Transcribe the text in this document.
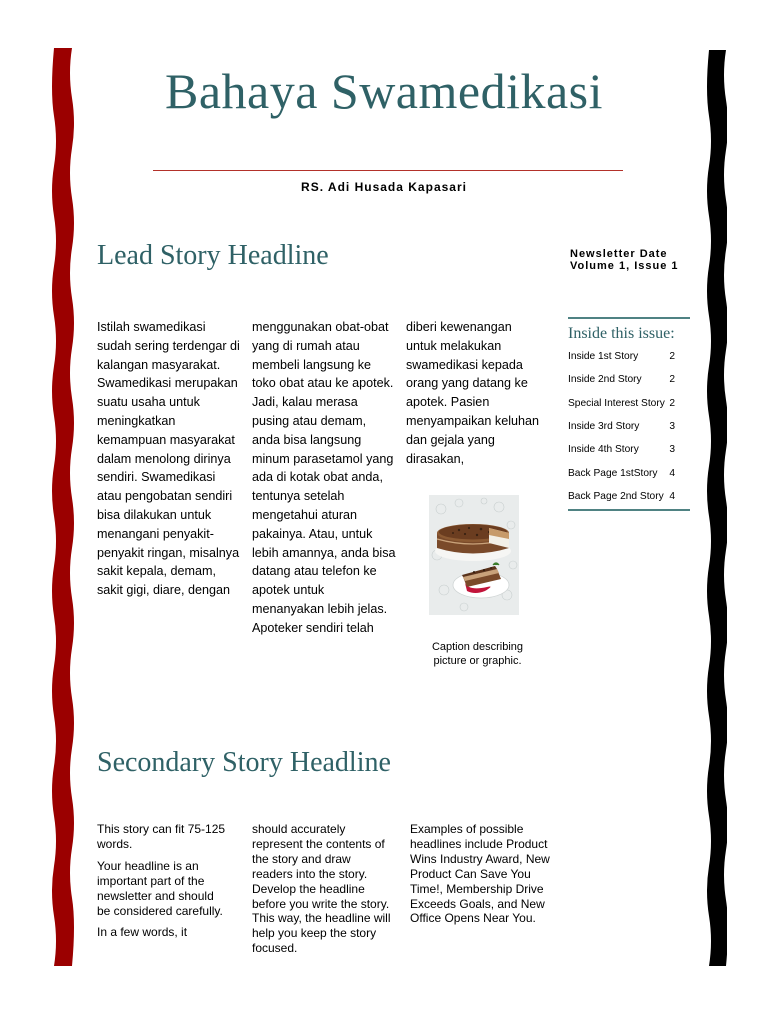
Bahaya Swamedikasi
RS. Adi Husada Kapasari
Lead Story Headline	Newsletter Date
Volume 1, Issue 1
Istilah swamedikasi sudah sering terdengar di kalangan masyarakat. Swamedikasi merupakan suatu usaha untuk meningkatkan kemampuan masyarakat dalam menolong dirinya sendiri. Swamedikasi atau pengobatan sendiri bisa dilakukan untuk menangani penyakit-penyakit ringan, misalnya sakit kepala, demam, sakit gigi, diare, dengan
menggunakan obat-obat yang di rumah atau membeli langsung ke toko obat atau ke apotek. Jadi, kalau merasa pusing atau demam, anda bisa langsung minum parasetamol yang ada di kotak obat anda, tentunya setelah mengetahui aturan pakainya. Atau, untuk lebih amannya, anda bisa datang atau telefon ke apotek untuk menanyakan lebih jelas.
Apoteker sendiri telah
diberi kewenangan untuk melakukan swamedikasi kepada orang yang datang ke apotek. Pasien menyampaikan keluhan dan gejala yang dirasakan,
Inside this issue:
Inside 1st Story	2
Inside 2nd Story	2
Special Interest Story 2
Inside 3rd Story	3
Inside 4th Story	3
Back Page 1stStory 4
Back Page 2nd Story 4
Caption describing picture or graphic.
Secondary Story Headline

This story can fit 75-125 words.

Your headline is an important part of the newsletter and should be considered carefully.

In a few words, it

should accurately represent the contents of the story and draw readers into the story. Develop the headline before you write the story. This way, the headline will help you keep the story focused.
Examples of possible headlines include Product Wins Industry Award, New Product Can Save You Time!, Membership Drive Exceeds Goals, and New Office Opens Near You.
